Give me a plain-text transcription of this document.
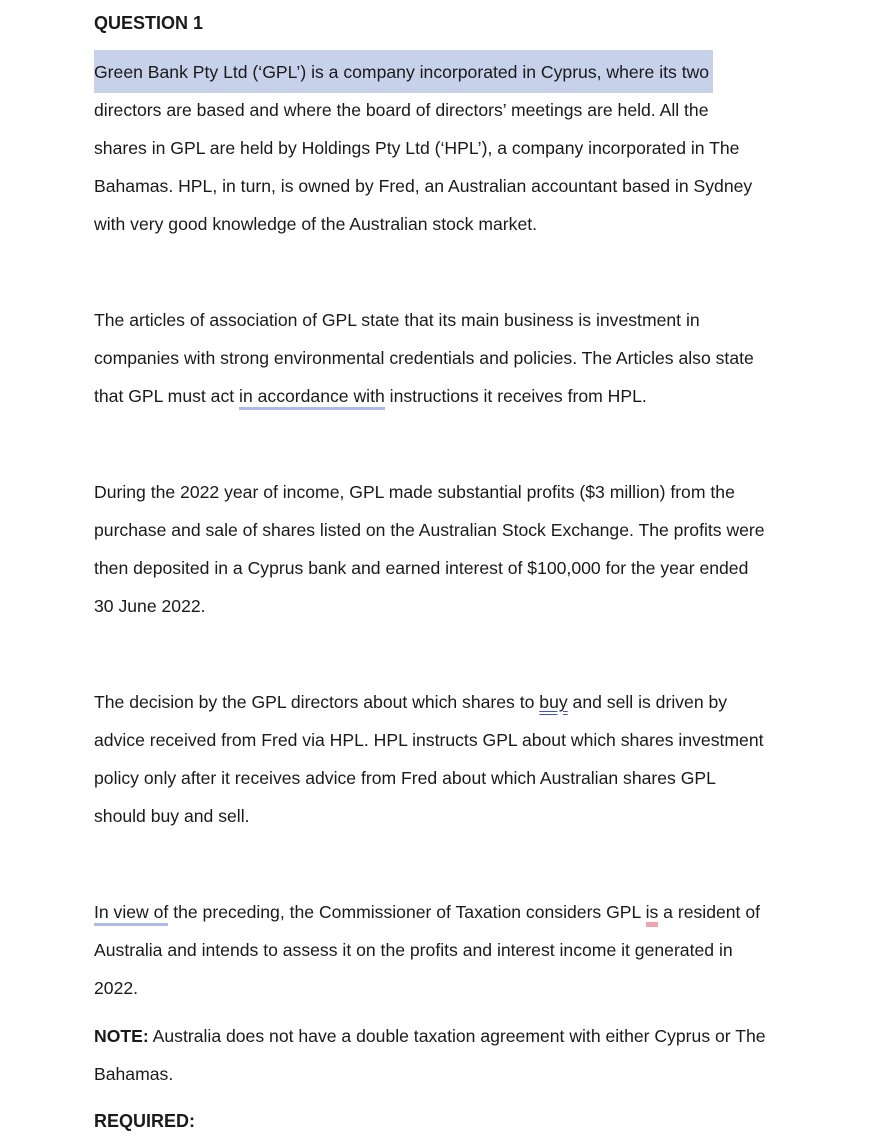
QUESTION 1

Green Bank Pty Ltd (‘GPL’) is a company incorporated in Cyprus, where its two
directors are based and where the board of directors’ meetings are held. All the
shares in GPL are held by Holdings Pty Ltd (‘HPL’), a company incorporated in The
Bahamas. HPL, in turn, is owned by Fred, an Australian accountant based in Sydney
with very good knowledge of the Australian stock market.

The articles of association of GPL state that its main business is investment in
companies with strong environmental credentials and policies. The Articles also state
that GPL must act in accordance with instructions it receives from HPL.

During the 2022 year of income, GPL made substantial profits ($3 million) from the
purchase and sale of shares listed on the Australian Stock Exchange. The profits were
then deposited in a Cyprus bank and earned interest of $100,000 for the year ended
30 June 2022.

The decision by the GPL directors about which shares to buy and sell is driven by
advice received from Fred via HPL. HPL instructs GPL about which shares investment
policy only after it receives advice from Fred about which Australian shares GPL
should buy and sell.

In view of the preceding, the Commissioner of Taxation considers GPL is a resident of
Australia and intends to assess it on the profits and interest income it generated in
2022.

NOTE: Australia does not have a double taxation agreement with either Cyprus or The
Bahamas.

REQUIRED:
